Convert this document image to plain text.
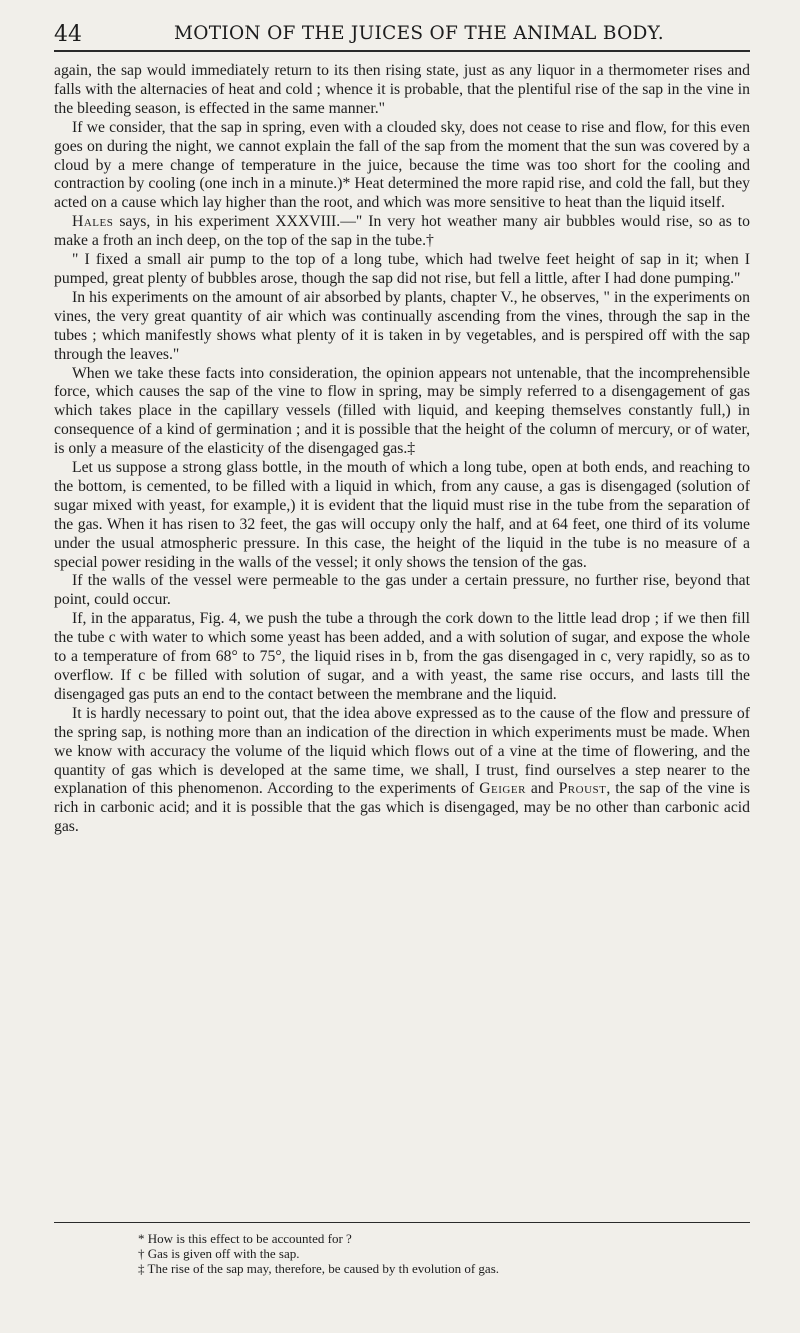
44	MOTION OF THE JUICES OF THE ANIMAL BODY.

again, the sap would immediately return to its then rising state, just as any liquor in a thermometer rises and falls with the alternacies of heat and cold ; whence it is probable, that the plentiful rise of the sap in the vine in the bleeding season, is effected in the same manner."

If we consider, that the sap in spring, even with a clouded sky, does not cease to rise and flow, for this even goes on during the night, we cannot explain the fall of the sap from the moment that the sun was covered by a cloud by a mere change of temperature in the juice, because the time was too short for the cooling and contraction by cooling (one inch in a minute.)* Heat determined the more rapid rise, and cold the fall, but they acted on a cause which lay higher than the root, and which was more sensitive to heat than the liquid itself.

Hales says, in his experiment XXXVIII.—" In very hot weather many air bubbles would rise, so as to make a froth an inch deep, on the top of the sap in the tube.†

" I fixed a small air pump to the top of a long tube, which had twelve feet height of sap in it; when I pumped, great plenty of bubbles arose, though the sap did not rise, but fell a little, after I had done pumping."

In his experiments on the amount of air absorbed by plants, chapter V., he observes, " in the experiments on vines, the very great quantity of air which was continually ascending from the vines, through the sap in the tubes ; which manifestly shows what plenty of it is taken in by vegetables, and is perspired off with the sap through the leaves."

When we take these facts into consideration, the opinion appears not untenable, that the incomprehensible force, which causes the sap of the vine to flow in spring, may be simply referred to a disengagement of gas which takes place in the capillary vessels (filled with liquid, and keeping themselves constantly full,) in consequence of a kind of germination ; and it is possible that the height of the column of mercury, or of water, is only a measure of the elasticity of the disengaged gas.‡

Let us suppose a strong glass bottle, in the mouth of which a long tube, open at both ends, and reaching to the bottom, is cemented, to be filled with a liquid in which, from any cause, a gas is disengaged (solution of sugar mixed with yeast, for example,) it is evident that the liquid must rise in the tube from the separation of the gas. When it has risen to 32 feet, the gas will occupy only the half, and at 64 feet, one third of its volume under the usual atmospheric pressure. In this case, the height of the liquid in the tube is no measure of a special power residing in the walls of the vessel; it only shows the tension of the gas.

If the walls of the vessel were permeable to the gas under a certain pressure, no further rise, beyond that point, could occur.

If, in the apparatus, Fig. 4, we push the tube a through the cork down to the little lead drop ; if we then fill the tube c with water to which some yeast has been added, and a with solution of sugar, and expose the whole to a temperature of from 68° to 75°, the liquid rises in b, from the gas disengaged in c, very rapidly, so as to overflow. If c be filled with solution of sugar, and a with yeast, the same rise occurs, and lasts till the disengaged gas puts an end to the contact between the membrane and the liquid.

It is hardly necessary to point out, that the idea above expressed as to the cause of the flow and pressure of the spring sap, is nothing more than an indication of the direction in which experiments must be made. When we know with accuracy the volume of the liquid which flows out of a vine at the time of flowering, and the quantity of gas which is developed at the same time, we shall, I trust, find ourselves a step nearer to the explanation of this phenomenon. According to the experiments of Geiger and Proust, the sap of the vine is rich in carbonic acid; and it is possible that the gas which is disengaged, may be no other than carbonic acid gas.

* How is this effect to be accounted for ?
† Gas is given off with the sap.
‡ The rise of the sap may, therefore, be caused by th evolution of gas.
